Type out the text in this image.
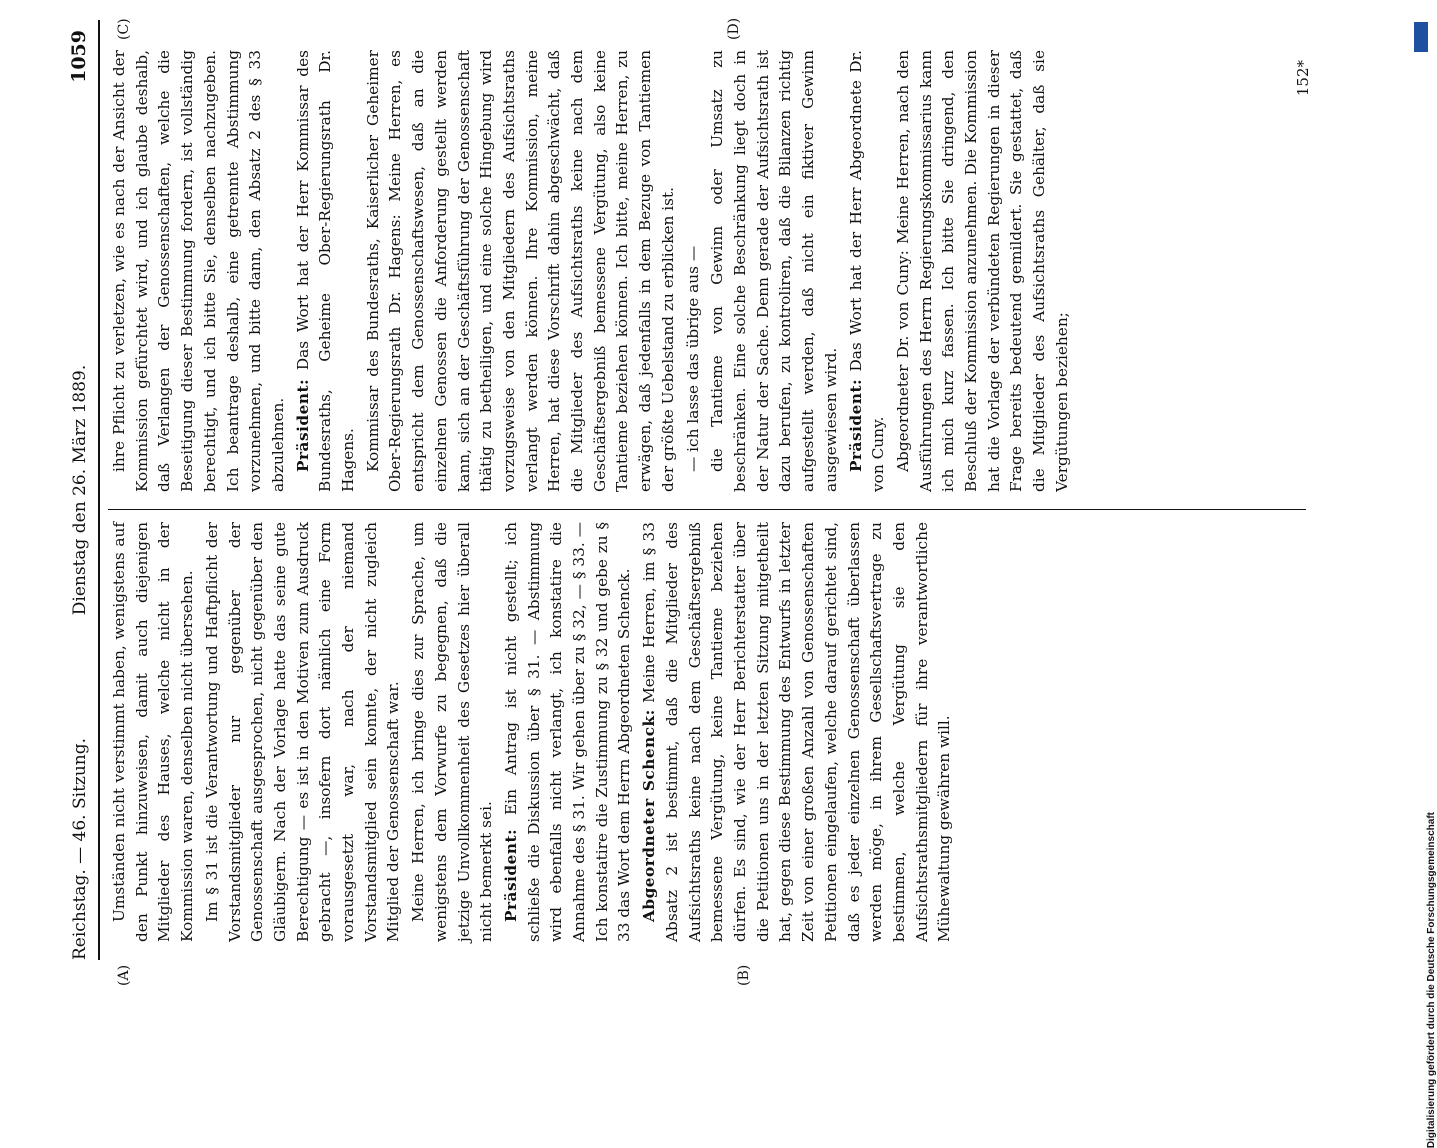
Reichstag. — 46. Sitzung.
Dienstag den 26. März 1889.
1059
(A)	(B)
(C)	(D)

Umständen nicht verstimmt haben, wenigstens auf den Punkt hinzuweisen, damit auch diejenigen Mitglieder des Hauses, welche nicht in der Kommission waren, denselben nicht übersehen. Im § 31 ist die Verantwortung und Haftpflicht der Vorstandsmitglieder nur gegenüber der Genossenschaft ausgesprochen, nicht gegenüber den Gläubigern. Nach der Vorlage hatte das seine gute Berechtigung — es ist in den Motiven zum Ausdruck gebracht —, insofern dort nämlich eine Form vorausgesetzt war, nach der niemand Vorstandsmitglied sein konnte, der nicht zugleich Mitglied der Genossenschaft war. Meine Herren, ich bringe dies zur Sprache, um wenigstens dem Vorwurfe zu begegnen, daß die jetzige Unvollkommenheit des Gesetzes hier überall nicht bemerkt sei. Präsident: Ein Antrag ist nicht gestellt; ich schließe die Diskussion über § 31. — Abstimmung wird ebenfalls nicht verlangt, ich konstatire die Annahme des § 31. Wir gehen über zu § 32, — § 33. — Ich konstatire die Zustimmung zu § 32 und gebe zu § 33 das Wort dem Herrn Abgeordneten Schenck. Abgeordneter Schenck: Meine Herren, im § 33 Absatz 2 ist bestimmt, daß die Mitglieder des Aufsichtsraths keine nach dem Geschäftsergebniß bemessene Vergütung, keine Tantieme beziehen dürfen. Es sind, wie der Herr Berichterstatter über die Petitionen uns in der letzten Sitzung mitgetheilt hat, gegen diese Bestimmung des Entwurfs in letzter Zeit von einer großen Anzahl von Genossenschaften Petitionen eingelaufen, welche darauf gerichtet sind, daß es jeder einzelnen Genossenschaft überlassen werden möge, in ihrem Gesellschaftsvertrage zu bestimmen, welche Vergütung sie den Aufsichtsrathsmitgliedern für ihre verantwortliche Mühewaltung gewähren will.

ihre Pflicht zu verletzen, wie es nach der Ansicht der Kommission gefürchtet wird, und ich glaube deshalb, daß Verlangen der Genossenschaften, welche die Beseitigung dieser Bestimmung fordern, ist vollständig berechtigt, und ich bitte Sie, denselben nachzugeben. Ich beantrage deshalb, eine getrennte Abstimmung vorzunehmen, und bitte dann, den Absatz 2 des § 33 abzulehnen. Präsident: Das Wort hat der Herr Kommissar des Bundesraths, Geheime Ober-Regierungsrath Dr. Hagens. Kommissar des Bundesraths, Kaiserlicher Geheimer Ober-Regierungsrath Dr. Hagens: Meine Herren, es entspricht dem Genossenschaftswesen, daß an die einzelnen Genossen die Anforderung gestellt werden kann, sich an der Geschäftsführung der Genossenschaft thätig zu betheiligen, und eine solche Hingebung wird vorzugsweise von den Mitgliedern des Aufsichtsraths verlangt werden können. Ihre Kommission, meine Herren, hat diese Vorschrift dahin abgeschwächt, daß die Mitglieder des Aufsichtsraths keine nach dem Geschäftsergebniß bemessene Vergütung, also keine Tantieme beziehen können. Ich bitte, meine Herren, zu erwägen, daß jedenfalls in dem Bezuge von Tantiemen der größte Uebelstand zu erblicken ist. — ich lasse das übrige aus — die Tantieme von Gewinn oder Umsatz zu beschränken. Eine solche Beschränkung liegt doch in der Natur der Sache. Denn gerade der Aufsichtsrath ist dazu berufen, zu kontroliren, daß die Bilanzen richtig aufgestellt werden, daß nicht ein fiktiver Gewinn ausgewiesen wird. Präsident: Das Wort hat der Herr Abgeordnete Dr. von Cuny. Abgeordneter Dr. von Cuny: Meine Herren, nach den Ausführungen des Herrn Regierungskommissarius kann ich mich kurz fassen. Ich bitte Sie dringend, den Beschluß der Kommission anzunehmen. Die Kommission hat die Vorlage der verbündeten Regierungen in dieser Frage bereits bedeutend gemildert. Sie gestattet, daß die Mitglieder des Aufsichtsraths Gehälter, daß sie Vergütungen beziehen;

152*
Digitalisierung gefördert durch die Deutsche Forschungsgemeinschaft
